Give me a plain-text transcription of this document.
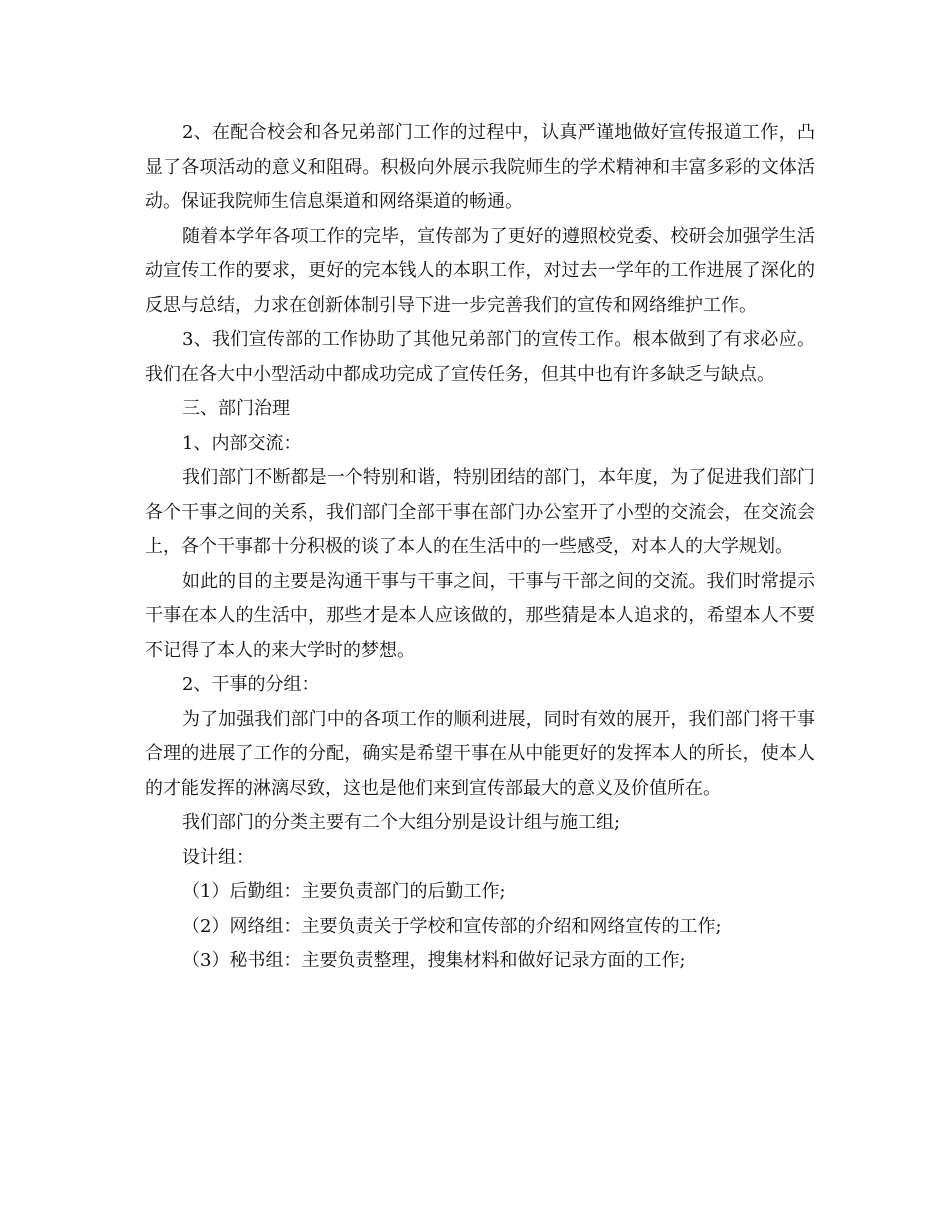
2、在配合校会和各兄弟部门工作的过程中，认真严谨地做好宣传报道工作，凸显了各项活动的意义和阻碍。积极向外展示我院师生的学术精神和丰富多彩的文体活动。保证我院师生信息渠道和网络渠道的畅通。

随着本学年各项工作的完毕，宣传部为了更好的遵照校党委、校研会加强学生活动宣传工作的要求，更好的完本钱人的本职工作，对过去一学年的工作进展了深化的反思与总结，力求在创新体制引导下进一步完善我们的宣传和网络维护工作。

3、我们宣传部的工作协助了其他兄弟部门的宣传工作。根本做到了有求必应。我们在各大中小型活动中都成功完成了宣传任务，但其中也有许多缺乏与缺点。

三、部门治理

1、内部交流：

我们部门不断都是一个特别和谐，特别团结的部门，本年度，为了促进我们部门各个干事之间的关系，我们部门全部干事在部门办公室开了小型的交流会，在交流会上，各个干事都十分积极的谈了本人的在生活中的一些感受，对本人的大学规划。

如此的目的主要是沟通干事与干事之间，干事与干部之间的交流。我们时常提示干事在本人的生活中，那些才是本人应该做的，那些猜是本人追求的，希望本人不要不记得了本人的来大学时的梦想。

2、干事的分组：

为了加强我们部门中的各项工作的顺利进展，同时有效的展开，我们部门将干事合理的进展了工作的分配，确实是希望干事在从中能更好的发挥本人的所长，使本人的才能发挥的淋漓尽致，这也是他们来到宣传部最大的意义及价值所在。

我们部门的分类主要有二个大组分别是设计组与施工组;

设计组：

（1）后勤组：主要负责部门的后勤工作;

（2）网络组：主要负责关于学校和宣传部的介绍和网络宣传的工作;

（3）秘书组：主要负责整理，搜集材料和做好记录方面的工作;
